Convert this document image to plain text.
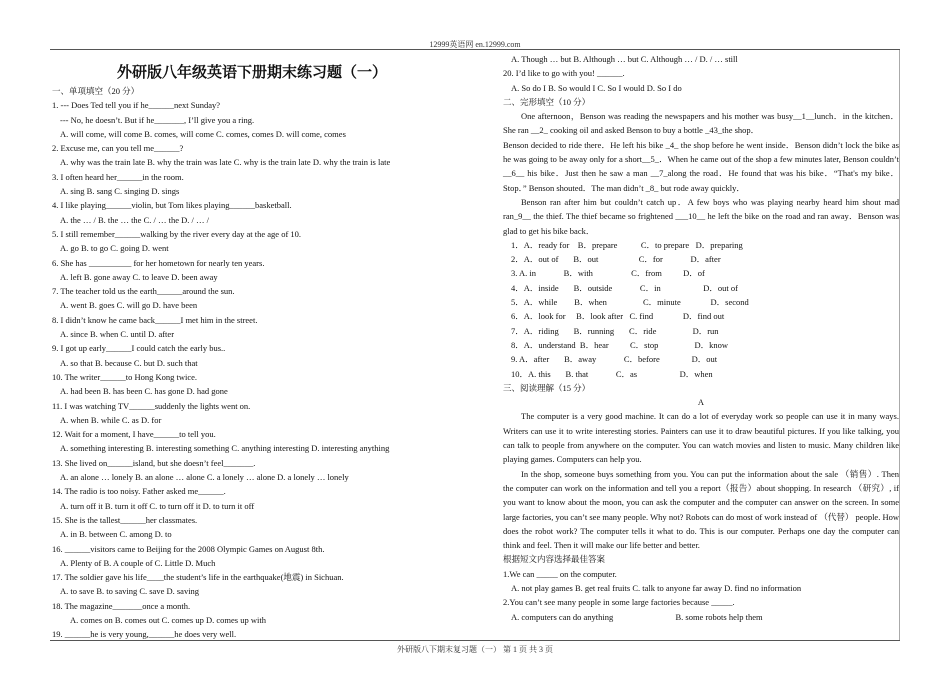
12999英语网 en.12999.com
外研版八年级英语下册期末练习题（一）
一、单项填空（20 分）
1. --- Does Ted tell you if he______next Sunday?
--- No, he doesn’t. But if he_______, I’ll give you a ring.
A. will come, will come B. comes, will come C. comes, comes D. will come, comes
2. Excuse me, can you tell me______?
A. why was the train late B. why the train was late C. why is the train late D. why the train is late
3. I often heard her______in the room.
A. sing B. sang C. singing D. sings
4. I like playing______violin, but Tom likes playing______basketball.
A. the … / B. the … the C. / … the D. / … /
5. I still remember______walking by the river every day at the age of 10.
A. go B. to go C. going D. went
6. She has __________ for her hometown for nearly ten years.
A. left B. gone away C. to leave D. been away
7. The teacher told us the earth______around the sun.
A. went B. goes C. will go D. have been
8. I didn’t know he came back______I met him in the street.
A. since B. when C. until D. after
9. I got up early______I could catch the early bus..
A. so that B. because C. but D. such that
10. The writer______to Hong Kong twice.
A. had been B. has been C. has gone D. had gone
11. I was watching TV______suddenly the lights went on.
A. when B. while C. as D. for
12. Wait for a moment, I have______to tell you.
A. something interesting B. interesting something C. anything interesting D. interesting anything
13. She lived on______island, but she doesn’t feel_______.
A. an alone … lonely B. an alone … alone C. a lonely … alone D. a lonely … lonely
14. The radio is too noisy. Father asked me______.
A. turn off it B. turn it off C. to turn off it D. to turn it off
15. She is the tallest______her classmates.
A. in B. between C. among D. to
16. ______visitors came to Beijing for the 2008 Olympic Games on August 8th.
A. Plenty of B. A couple of C. Little D. Much
17. The soldier gave his life____the student’s life in the earthquake(地震) in Sichuan.
A. to save B. to saving C. save D. saving
18. The magazine_______once a month.
A. comes on B. comes out C. comes up D. comes up with
19. ______he is very young,______he does very well.
A. Though … but B. Although … but C. Although … / D. / … still
20. I’d like to go with you! ______.
A. So do I B. So would I C. So I would D. So I do
二、完形填空（10 分）
One afternoon，Benson was reading the newspapers and his mother was busy__1__lunch．in the kitchen．She ran __2_ cooking oil and asked Benson to buy a bottle _43_the shop．
Benson decided to ride there．He left his bike _4_ the shop before he went inside．Benson didn’t lock the bike as he was going to be away only for a short__5_．When he came out of the shop a few minutes later, Benson couldn’t __6__ his bike．Just then he saw a man __7_along the road．He found that was his bike．“That's my bike．Stop．” Benson shouted．The man didn’t _8_ but rode away quickly．
Benson ran after him but couldn’t catch up．A few boys who was playing nearby heard him shout mad ran_9__ the thief. The thief became so frightened ___10__ he left the bike on the road and ran away．Benson was glad to get his bike back．
1．A．ready for    B．prepare           C．to prepare   D．preparing
2．A．out of       B．out                   C．for             D．after
3. A. in             B．with                  C．from          D．of
4．A．inside       B．outside             C．in                    D．out of
5．A．while        B．when                 C．minute              D．second
6．A．look for     B．look after   C. find              D．find out
7．A．riding       B．running       C．ride                 D．run
8．A．understand  B．hear          C．stop                 D．know
9. A．after       B．away             C．before               D．out
10．A. this       B. that             C．as                    D．when
三、阅读理解（15 分）
A
The computer is a very good machine. It can do a lot of everyday work so people can use it in many ways. Writers can use it to write interesting stories. Painters can use it to draw beautiful pictures. If you like talking, you can talk to people from anywhere on the computer. You can watch movies and listen to music. Many children like playing games. Computers can help you.
In the shop, someone buys something from you. You can put the information about the sale （销售）. Then the computer can work on the information and tell you a report（报告）about shopping. In research （研究）, if you want to know about the moon, you can ask the computer and the computer can answer on the screen. In some large factories, you can’t see many people. Why not? Robots can do most of work instead of （代替） people. How does the robot work? The computer tells it what to do. This is our computer. Perhaps one day the computer can think and feel. Then it will make our life better and better.
根据短文内容选择最佳答案
1.We can _____ on the computer.
A. not play games B. get real fruits C. talk to anyone far away D. find no information
2.You can’t see many people in some large factories because _____.
A. computers can do anything	B. some robots help them
外研版八下期末复习题（一） 第 1 页 共 3 页
